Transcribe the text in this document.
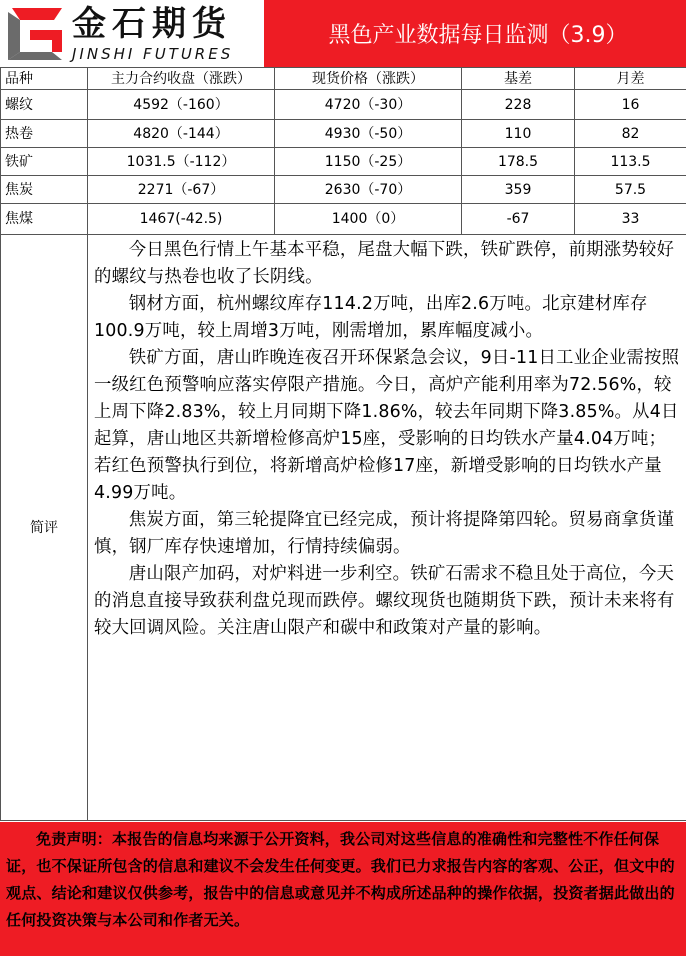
金石期货
JINSHI FUTURES
黑色产业数据每日监测（3.9）
品种	主力合约收盘（涨跌）	现货价格（涨跌）	基差	月差
螺纹	4592（-160）	4720（-30）	228	16
热卷	4820（-144）	4930（-50）	110	82
铁矿	1031.5（-112）	1150（-25）	178.5	113.5
焦炭	2271（-67）	2630（-70）	359	57.5
焦煤	1467(-42.5)	1400（0）	-67	33
简评	今日黑色行情上午基本平稳，尾盘大幅下跌，铁矿跌停，前期涨势较好的螺纹与热卷也收了长阴线。

钢材方面，杭州螺纹库存114.2万吨，出库2.6万吨。北京建材库存100.9万吨，较上周增3万吨，刚需增加，累库幅度减小。

铁矿方面，唐山昨晚连夜召开环保紧急会议，9日-11日工业企业需按照一级红色预警响应落实停限产措施。今日，高炉产能利用率为72.56%，较上周下降2.83%，较上月同期下降1.86%，较去年同期下降3.85%。从4日起算，唐山地区共新增检修高炉15座，受影响的日均铁水产量4.04万吨；若红色预警执行到位，将新增高炉检修17座，新增受影响的日均铁水产量4.99万吨。

焦炭方面，第三轮提降宜已经完成，预计将提降第四轮。贸易商拿货谨慎，钢厂库存快速增加，行情持续偏弱。

唐山限产加码，对炉料进一步利空。铁矿石需求不稳且处于高位，今天的消息直接导致获利盘兑现而跌停。螺纹现货也随期货下跌，预计未来将有较大回调风险。关注唐山限产和碳中和政策对产量的影响。			

免责声明：本报告的信息均来源于公开资料，我公司对这些信息的准确性和完整性不作任何保证，也不保证所包含的信息和建议不会发生任何变更。我们已力求报告内容的客观、公正，但文中的观点、结论和建议仅供参考，报告中的信息或意见并不构成所述品种的操作依据，投资者据此做出的任何投资决策与本公司和作者无关。
